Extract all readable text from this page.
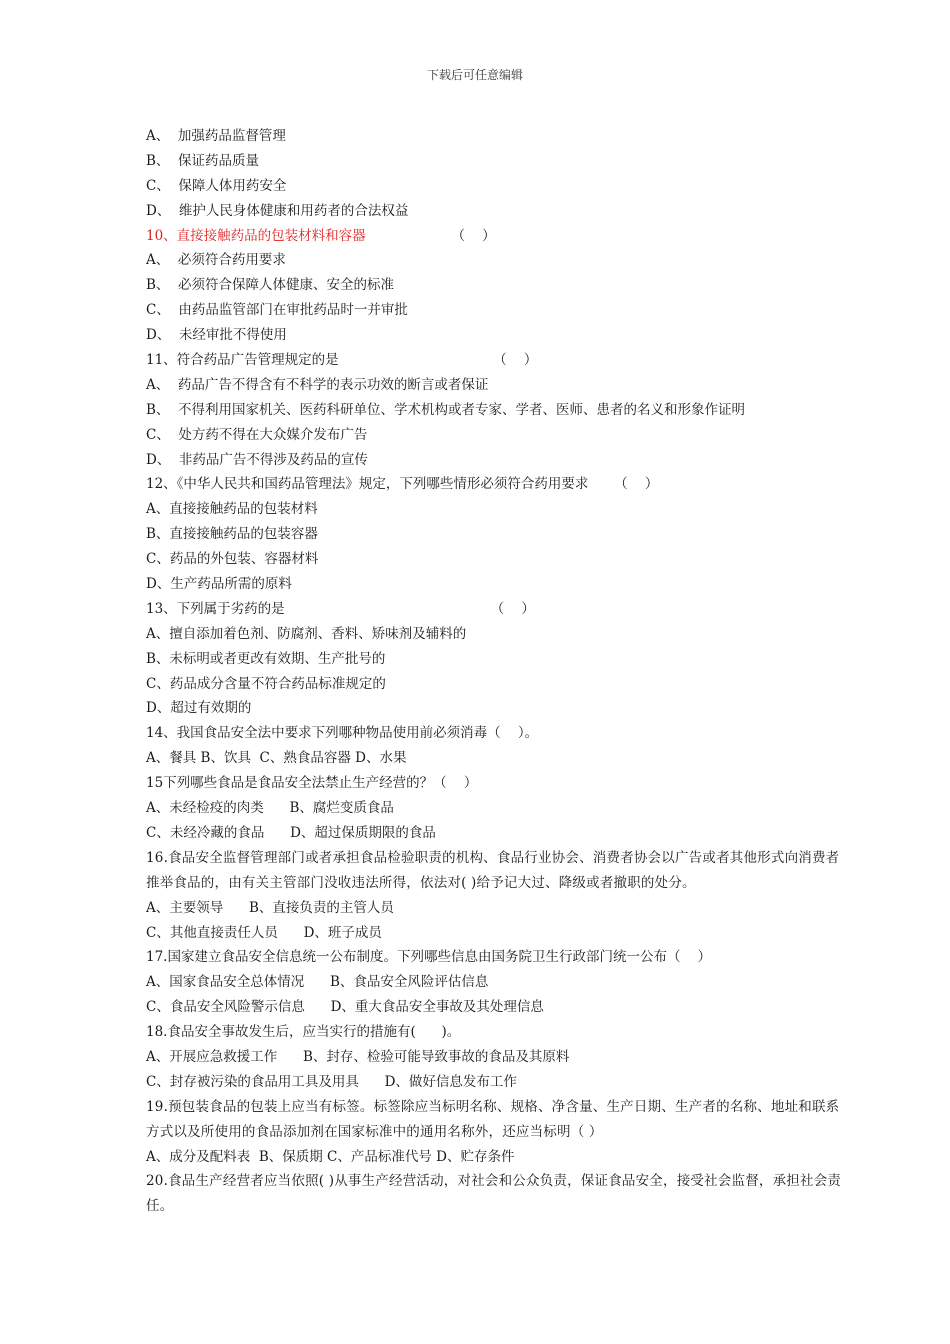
下载后可任意编辑
A、  加强药品监督管理
B、  保证药品质量
C、  保障人体用药安全
D、  维护人民身体健康和用药者的合法权益
10、直接接触药品的包装材料和容器                    （    ）
A、  必须符合药用要求
B、  必须符合保障人体健康、安全的标准
C、  由药品监管部门在审批药品时一并审批
D、  未经审批不得使用
11、符合药品广告管理规定的是                                    （    ）
A、  药品广告不得含有不科学的表示功效的断言或者保证
B、  不得利用国家机关、医药科研单位、学术机构或者专家、学者、医师、患者的名义和形象作证明
C、  处方药不得在大众媒介发布广告
D、  非药品广告不得涉及药品的宣传
12、《中华人民共和国药品管理法》规定，下列哪些情形必须符合药用要求      （    ）
A、直接接触药品的包装材料
B、直接接触药品的包装容器
C、药品的外包装、容器材料
D、生产药品所需的原料
13、下列属于劣药的是                                                （    ）
A、擅自添加着色剂、防腐剂、香料、矫味剂及辅料的
B、未标明或者更改有效期、生产批号的
C、药品成分含量不符合药品标准规定的
D、超过有效期的
14、我国食品安全法中要求下列哪种物品使用前必须消毒（    ）。
A、餐具 B、饮具  C、熟食品容器 D、水果
15下列哪些食品是食品安全法禁止生产经营的？（    ）
A、未经检疫的肉类      B、腐烂变质食品
C、未经冷藏的食品      D、超过保质期限的食品
16.食品安全监督管理部门或者承担食品检验职责的机构、食品行业协会、消费者协会以广告或者其他形式向消费者推举食品的，由有关主管部门没收违法所得，依法对( )给予记大过、降级或者撤职的处分。
A、主要领导      B、直接负责的主管人员
C、其他直接责任人员      D、班子成员
17.国家建立食品安全信息统一公布制度。下列哪些信息由国务院卫生行政部门统一公布（    ）
A、国家食品安全总体情况      B、食品安全风险评估信息
C、食品安全风险警示信息      D、重大食品安全事故及其处理信息
18.食品安全事故发生后，应当实行的措施有(      )。
A、开展应急救援工作      B、封存、检验可能导致事故的食品及其原料
C、封存被污染的食品用工具及用具      D、做好信息发布工作
19.预包装食品的包装上应当有标签。标签除应当标明名称、规格、净含量、生产日期、生产者的名称、地址和联系方式以及所使用的食品添加剂在国家标准中的通用名称外，还应当标明（ ）
A、成分及配料表  B、保质期 C、产品标准代号 D、贮存条件
20.食品生产经营者应当依照( )从事生产经营活动，对社会和公众负责，保证食品安全，接受社会监督，承担社会责任。
